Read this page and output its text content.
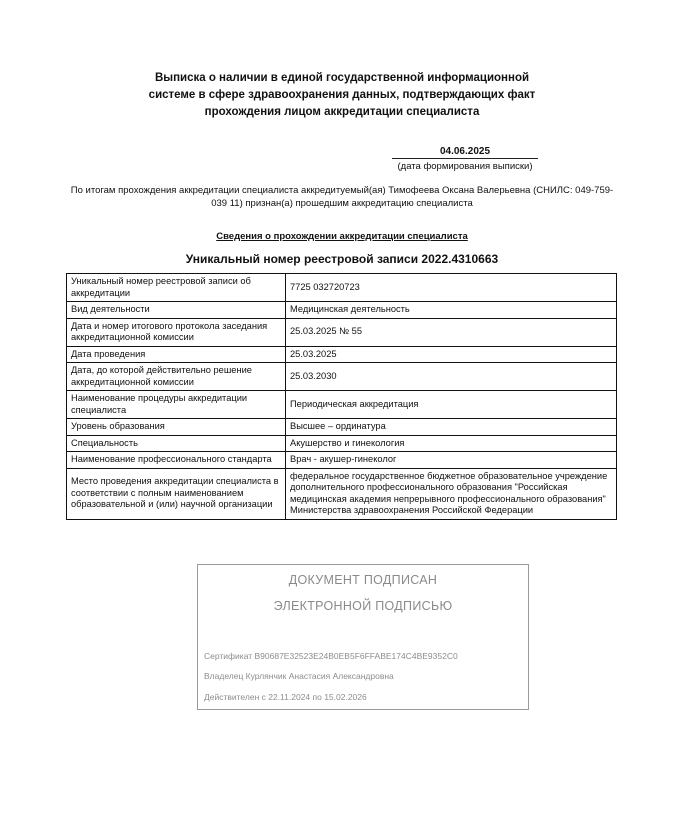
Выписка о наличии в единой государственной информационной
системе в сфере здравоохранения данных, подтверждающих факт
прохождения лицом аккредитации специалиста
04.06.2025
(дата формирования выписки)
По итогам прохождения аккредитации специалиста аккредитуемый(ая) Тимофеева Оксана Валерьевна (СНИЛС: 049-759-039 11) признан(а) прошедшим аккредитацию специалиста
Сведения о прохождении аккредитации специалиста
Уникальный номер реестровой записи 2022.4310663
Уникальный номер реестровой записи об аккредитации	7725 032720723
Вид деятельности	Медицинская деятельность
Дата и номер итогового протокола заседания аккредитационной комиссии	25.03.2025 № 55
Дата проведения	25.03.2025
Дата, до которой действительно решение аккредитационной комиссии	25.03.2030
Наименование процедуры аккредитации специалиста	Периодическая аккредитация
Уровень образования	Высшее – ординатура
Специальность	Акушерство и гинекология
Наименование профессионального стандарта	Врач - акушер-гинеколог
Место проведения аккредитации специалиста в соответствии с полным наименованием образовательной и (или) научной организации	федеральное государственное бюджетное образовательное учреждение дополнительного профессионального образования "Российская медицинская академия непрерывного профессионального образования" Министерства здравоохранения Российской Федерации
ДОКУМЕНТ ПОДПИСАН
ЭЛЕКТРОННОЙ ПОДПИСЬЮ
Сертификат B90687E32523E24B0EB5F6FFABE174C4BE9352C0
Владелец Курлянчик Анастасия Александровна
Действителен с 22.11.2024 по 15.02.2026
